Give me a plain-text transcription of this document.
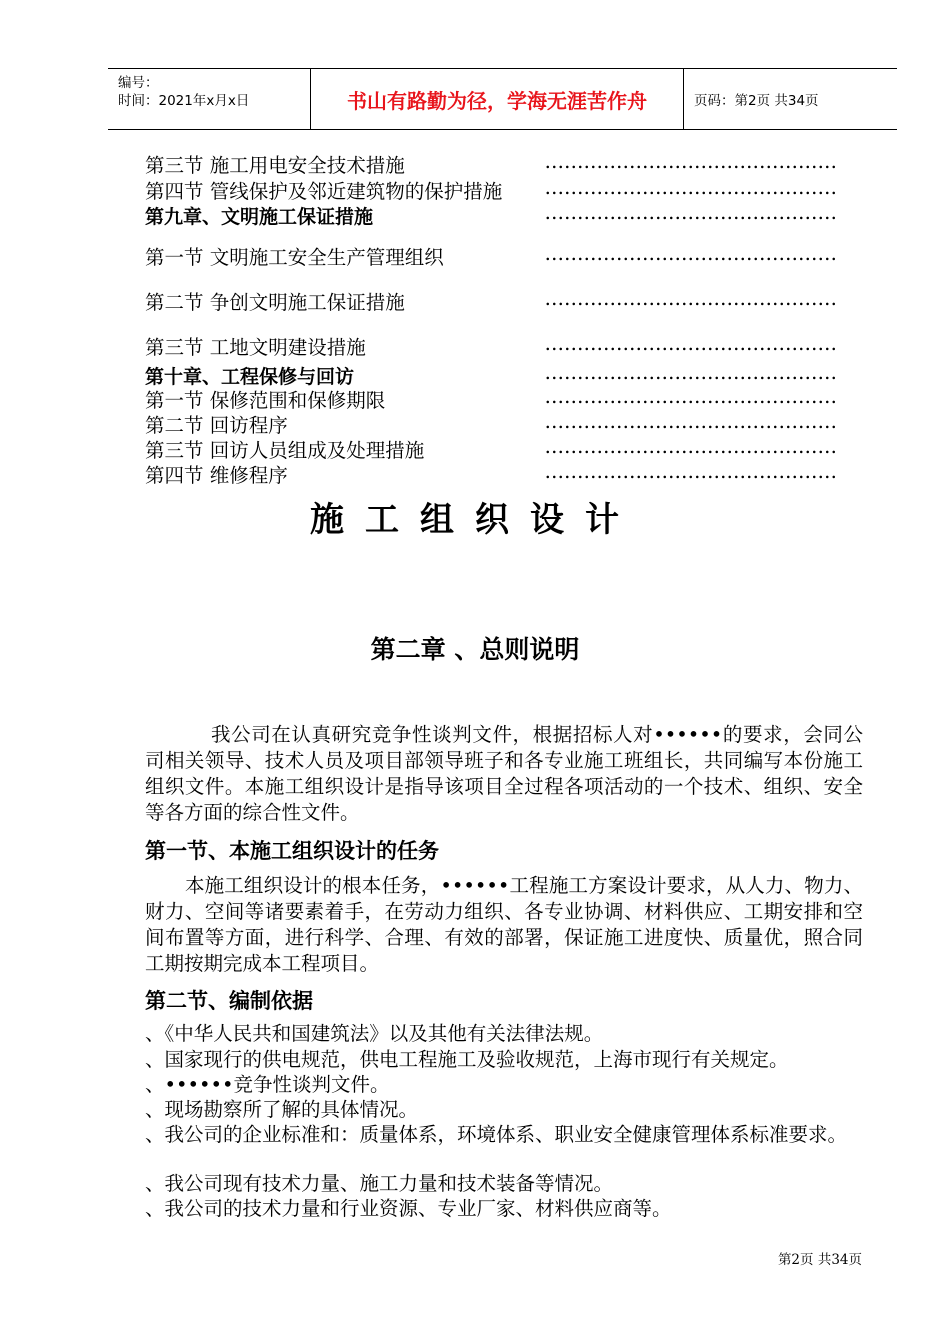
编号：
时间：2021年x月x日	书山有路勤为径，学海无涯苦作舟	页码：第2页 共34页
第三节 施工用电安全技术措施	………………………………………
第四节 管线保护及邻近建筑物的保护措施 ………………………………………
第九章、文明施工保证措施	………………………………………
第一节 文明施工安全生产管理组织	………………………………………
第二节 争创文明施工保证措施	………………………………………
第三节 工地文明建设措施	………………………………………
第十章、工程保修与回访	………………………………………
第一节 保修范围和保修期限	………………………………………
第二节 回访程序	………………………………………
第三节 回访人员组成及处理措施	………………………………………
第四节 维修程序	………………………………………
施工组织设计
第二章 、总则说明
我公司在认真研究竞争性谈判文件，根据招标人对••••••的要求，会同公司相关领导、技术人员及项目部领导班子和各专业施工班组长，共同编写本份施工组织文件。本施工组织设计是指导该项目全过程各项活动的一个技术、组织、安全等各方面的综合性文件。
第一节、本施工组织设计的任务
本施工组织设计的根本任务，••••••工程施工方案设计要求，从人力、物力、财力、空间等诸要素着手，在劳动力组织、各专业协调、材料供应、工期安排和空间布置等方面，进行科学、合理、有效的部署，保证施工进度快、质量优，照合同工期按期完成本工程项目。
第二节、编制依据
、《中华人民共和国建筑法》以及其他有关法律法规。
、国家现行的供电规范，供电工程施工及验收规范，上海市现行有关规定。
、••••••竞争性谈判文件。
、现场勘察所了解的具体情况。
、我公司的企业标准和：质量体系，环境体系、职业安全健康管理体系标准要求。
、我公司现有技术力量、施工力量和技术装备等情况。
、我公司的技术力量和行业资源、专业厂家、材料供应商等。
第2页 共34页
